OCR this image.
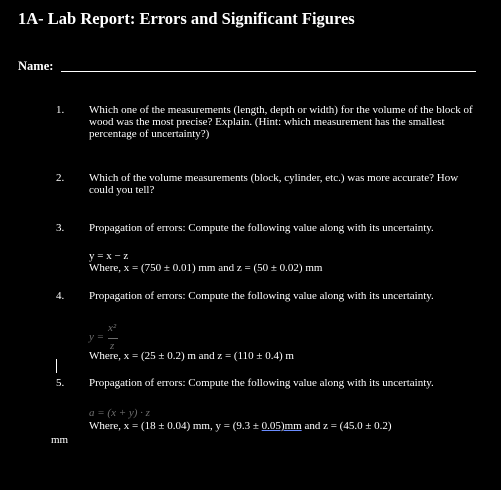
1A- Lab Report: Errors and Significant Figures
Name:
1. Which one of the measurements (length, depth or width) for the volume of the block of wood was the most precise? Explain. (Hint: which measurement has the smallest percentage of uncertainty?)
2. Which of the volume measurements (block, cylinder, etc.) was more accurate? How could you tell?
3. Propagation of errors: Compute the following value along with its uncertainty.
y = x − z
Where, x = (750 ± 0.01) mm and z = (50 ± 0.02) mm
4. Propagation of errors: Compute the following value along with its uncertainty.
y =
x²
z
Where, x = (25 ± 0.2) m and z = (110 ± 0.4) m
5. Propagation of errors: Compute the following value along with its uncertainty.
a = (x + y) · z
Where, x = (18 ± 0.04) mm, y = (9.3 ± 0.05)mm and z = (45.0 ± 0.2)
mm
